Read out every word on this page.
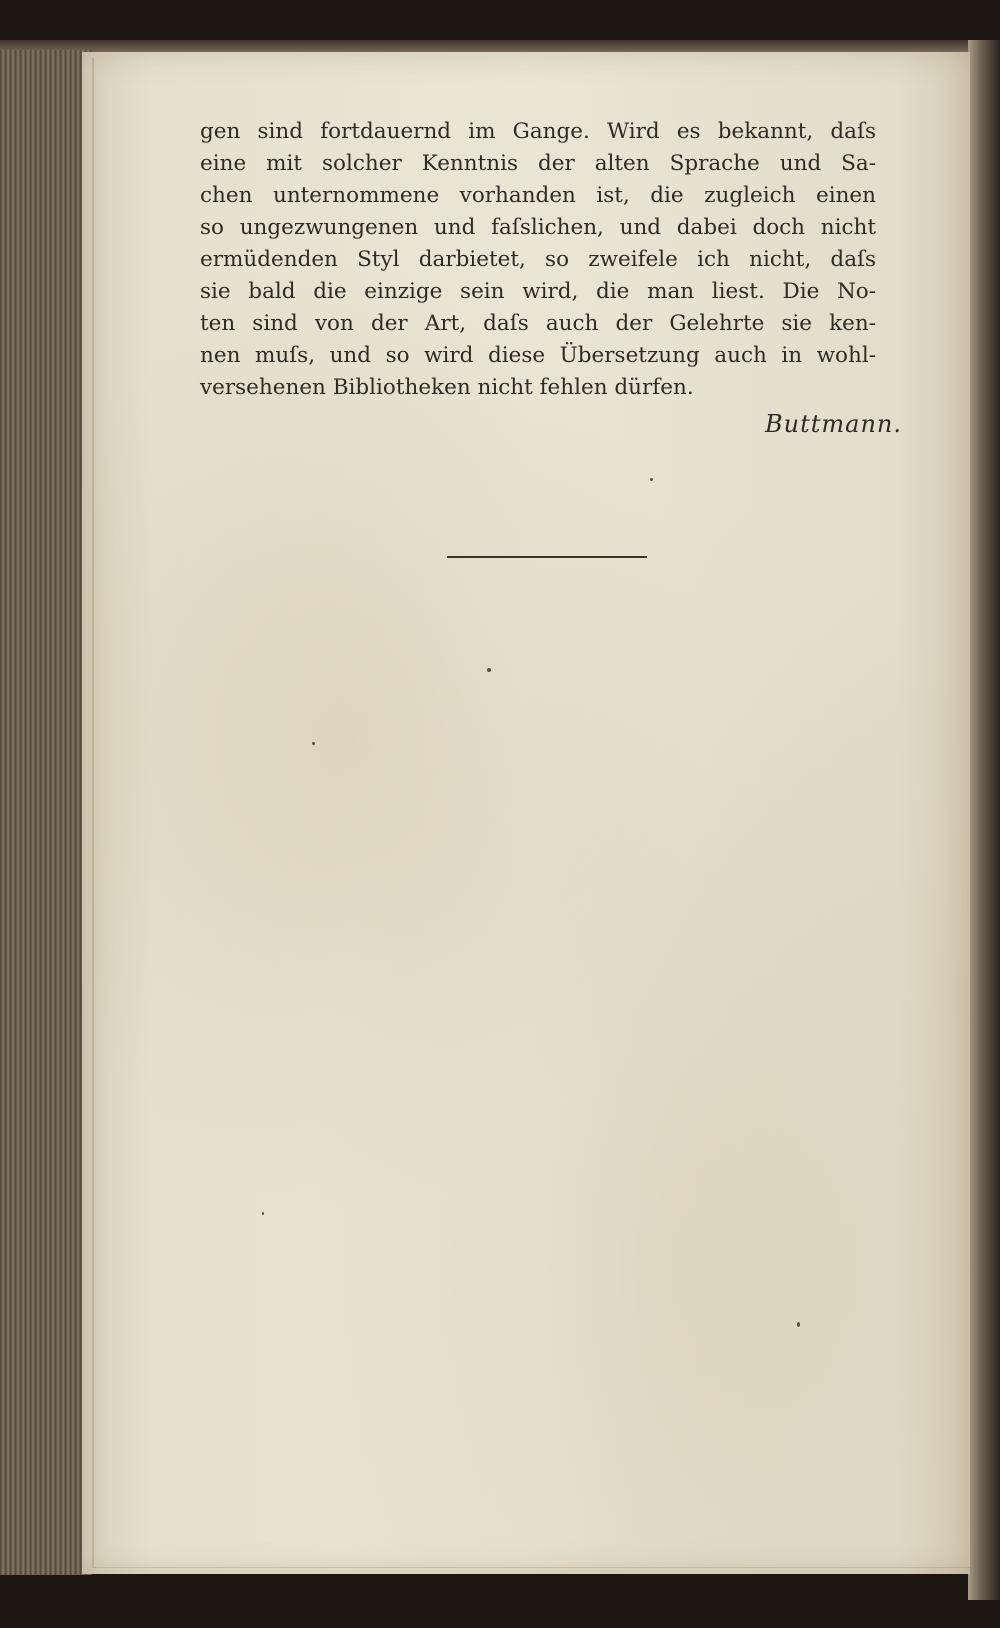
gen sind fortdauernd im Gange. Wird es bekannt, daſs
eine mit solcher Kenntnis der alten Sprache und Sa-
chen unternommene vorhanden ist, die zugleich einen
so ungezwungenen und faſslichen, und dabei doch nicht
ermüdenden Styl darbietet, so zweifele ich nicht, daſs
sie bald die einzige sein wird, die man liest. Die No-
ten sind von der Art, daſs auch der Gelehrte sie ken-
nen muſs, und so wird diese Übersetzung auch in wohl-
versehenen Bibliotheken nicht fehlen dürfen.
Buttmann.
